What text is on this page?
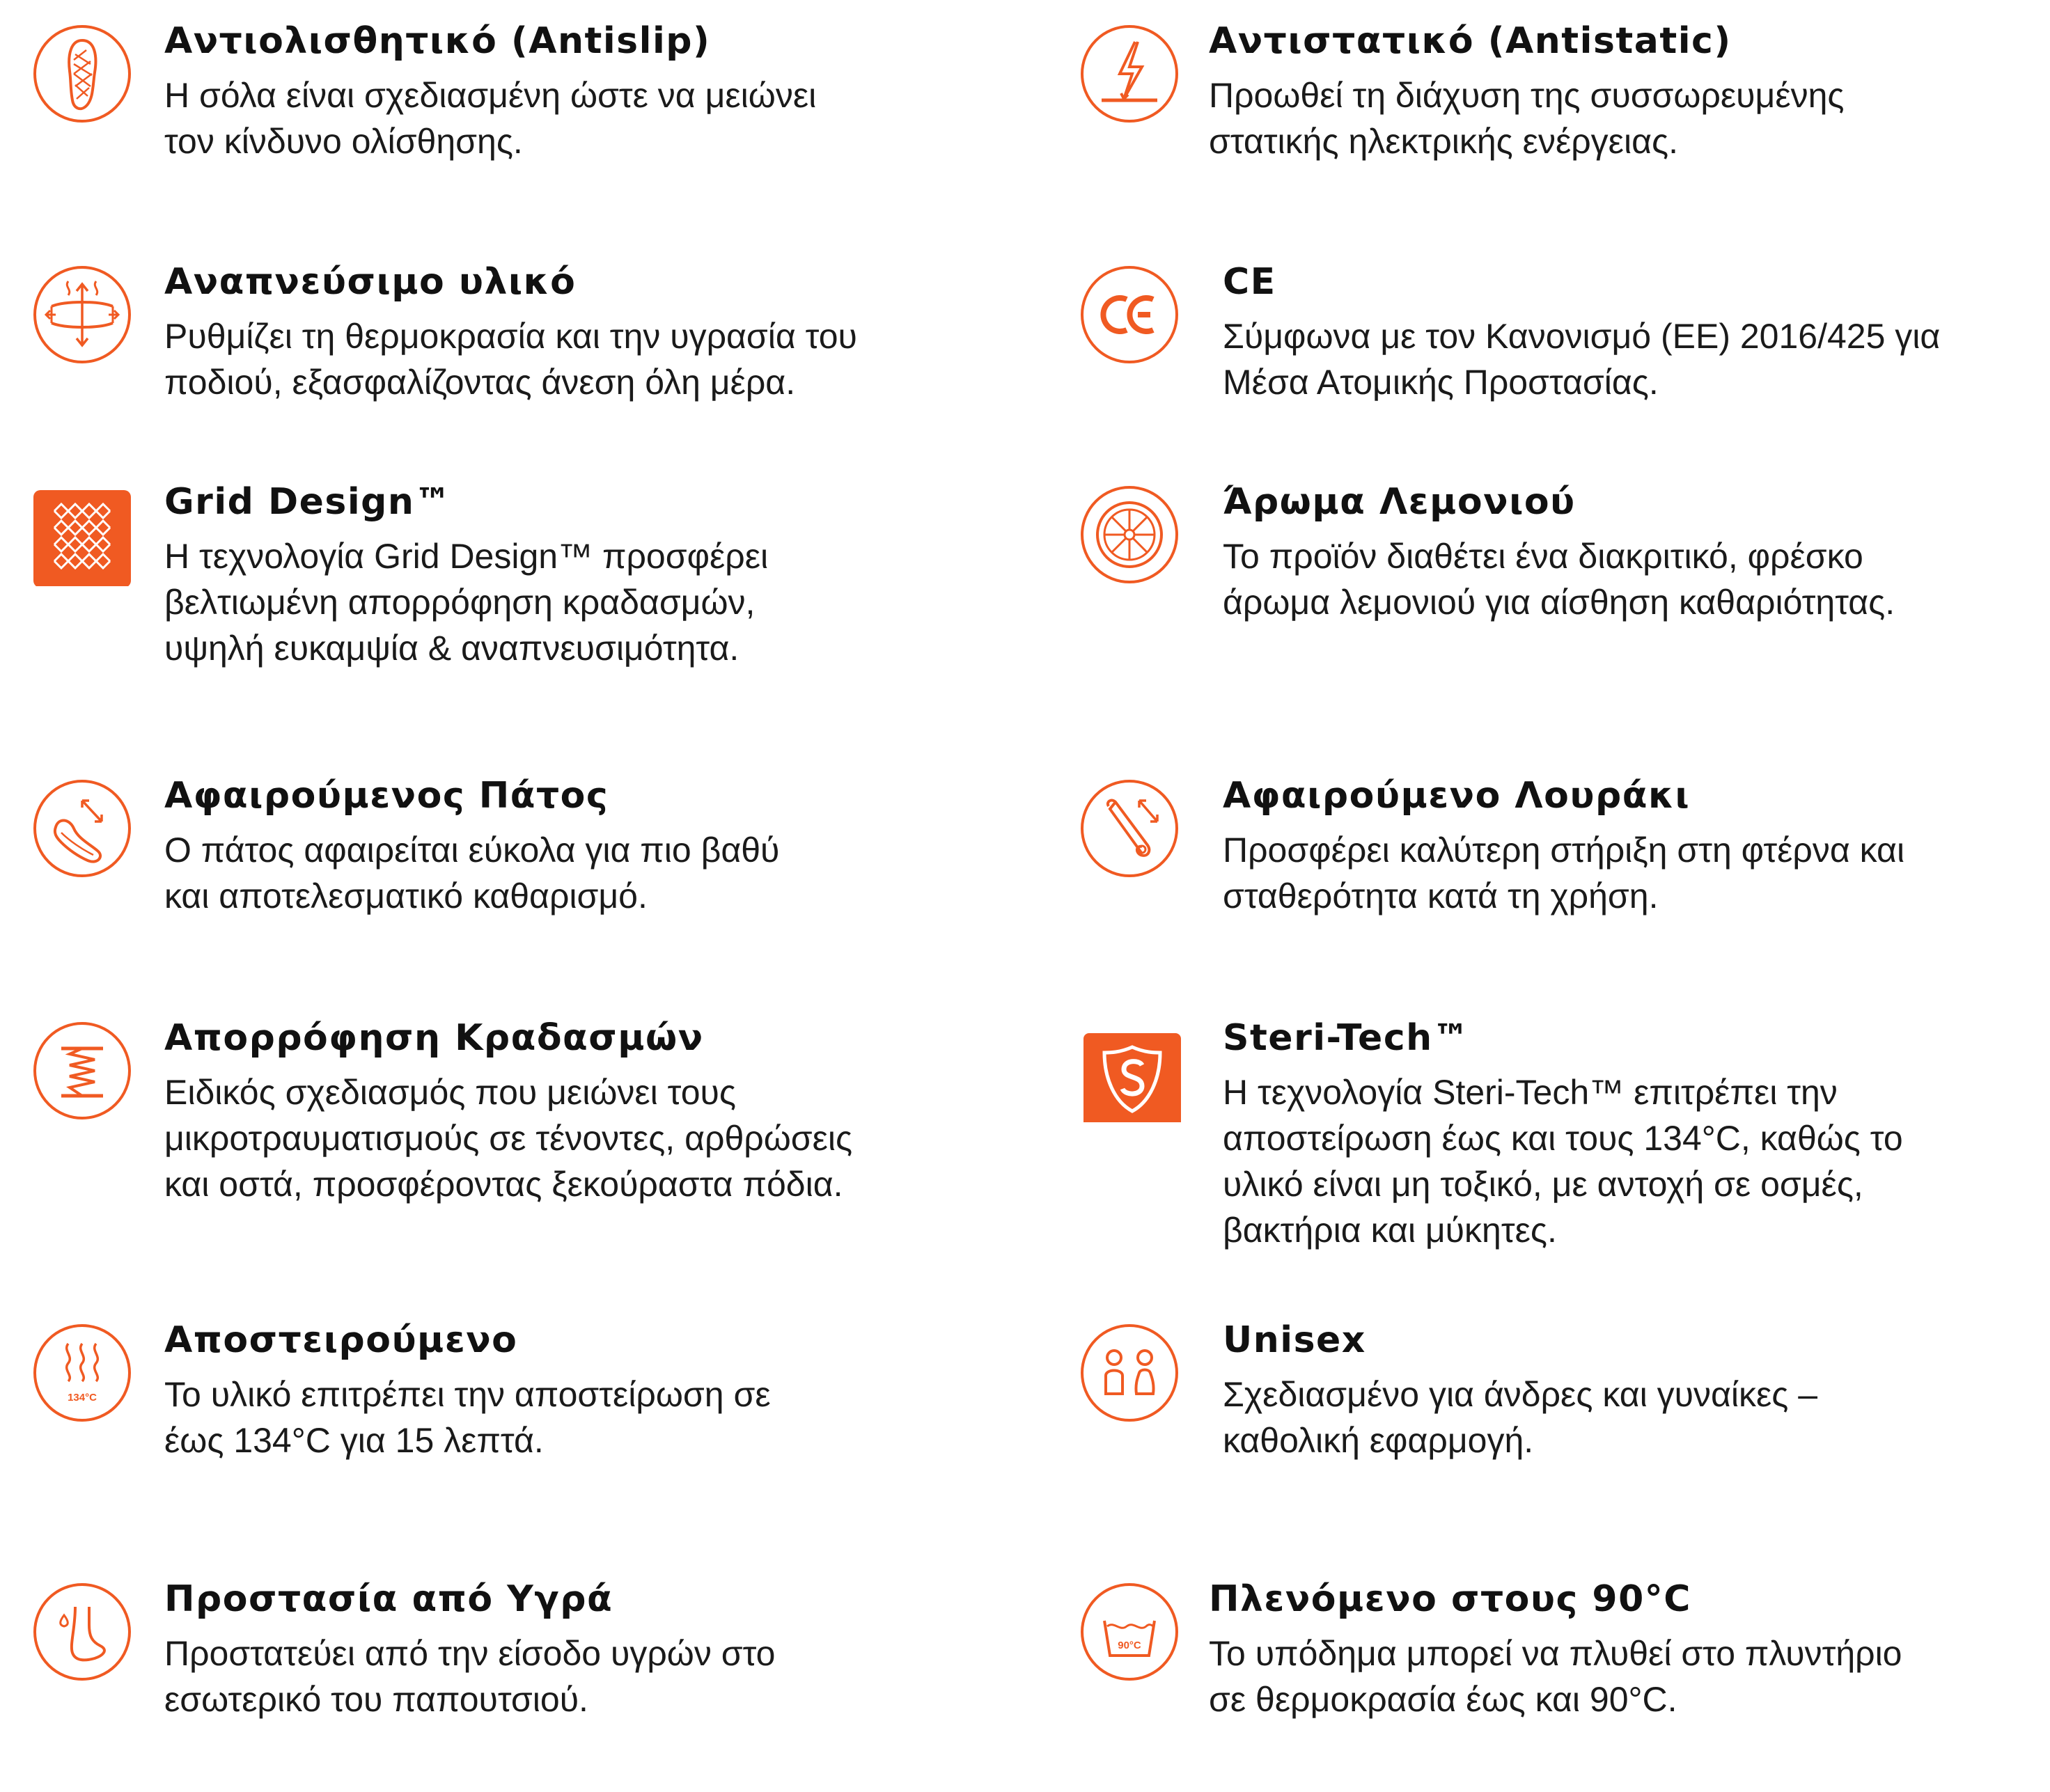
Αντιολισθητικό (Antislip)
Η σόλα είναι σχεδιασμένη ώστε να μειώνει
τον κίνδυνο ολίσθησης.
Αντιστατικό (Antistatic)
Προωθεί τη διάχυση της συσσωρευμένης
στατικής ηλεκτρικής ενέργειας.
Αναπνεύσιμο υλικό
Ρυθμίζει τη θερμοκρασία και την υγρασία του
ποδιού, εξασφαλίζοντας άνεση όλη μέρα.
CE
Σύμφωνα με τον Κανονισμό (ΕΕ) 2016/425 για
Μέσα Ατομικής Προστασίας.
Grid Design™
Η τεχνολογία Grid Design™ προσφέρει
βελτιωμένη απορρόφηση κραδασμών,
υψηλή ευκαμψία & αναπνευσιμότητα.
Άρωμα Λεμονιού
Το προϊόν διαθέτει ένα διακριτικό, φρέσκο
άρωμα λεμονιού για αίσθηση καθαριότητας.
Αφαιρούμενος Πάτος
Ο πάτος αφαιρείται εύκολα για πιο βαθύ
και αποτελεσματικό καθαρισμό.
Αφαιρούμενο Λουράκι
Προσφέρει καλύτερη στήριξη στη φτέρνα και
σταθερότητα κατά τη χρήση.
Απορρόφηση Κραδασμών
Ειδικός σχεδιασμός που μειώνει τους
μικροτραυματισμούς σε τένοντες, αρθρώσεις
και οστά, προσφέροντας ξεκούραστα πόδια.
Steri-Tech™
Η τεχνολογία Steri-Tech™ επιτρέπει την
αποστείρωση έως και τους 134°C, καθώς το
υλικό είναι μη τοξικό, με αντοχή σε οσμές,
βακτήρια και μύκητες.
134°C
Αποστειρούμενο
Το υλικό επιτρέπει την αποστείρωση σε
έως 134°C για 15 λεπτά.
Unisex
Σχεδιασμένο για άνδρες και γυναίκες –
καθολική εφαρμογή.
Προστασία από Υγρά
Προστατεύει από την είσοδο υγρών στο
εσωτερικό του παπουτσιού.
90°C
Πλενόμενο στους 90°C
Το υπόδημα μπορεί να πλυθεί στο πλυντήριο
σε θερμοκρασία έως και 90°C.
